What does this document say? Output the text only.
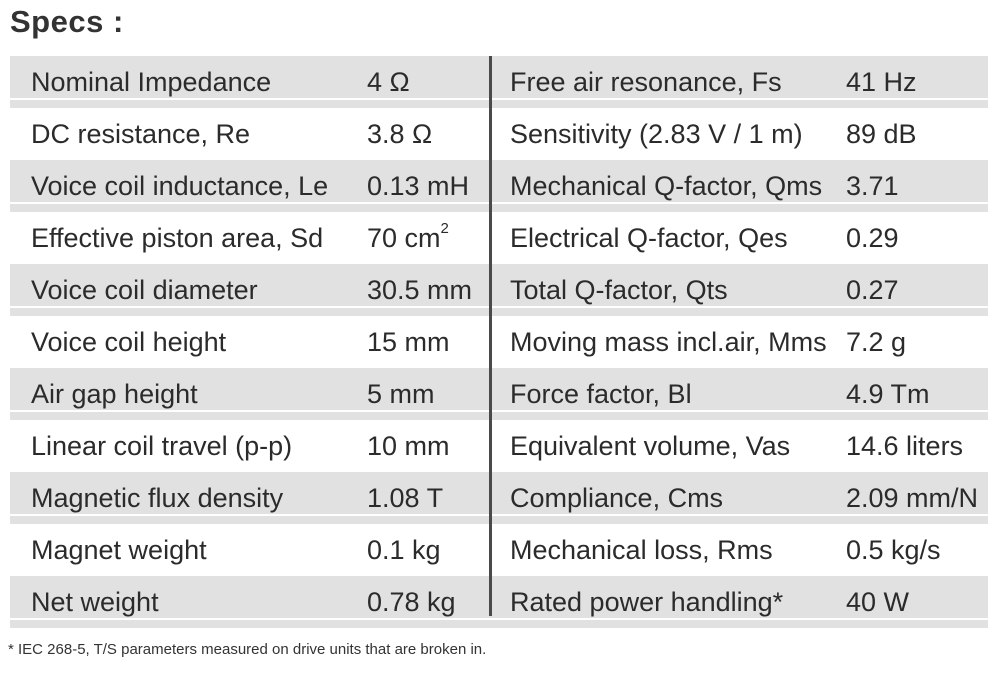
Specs :
Nominal Impedance	4 Ω	Free air resonance, Fs 41 Hz
DC resistance, Re	3.8 Ω	Sensitivity (2.83 V / 1 m) 89 dB
Voice coil inductance, Le 0.13 mH Mechanical Q-factor, Qms 3.71
Effective piston area, Sd 70 $cm^2$ Electrical Q-factor, Qes 0.29
Voice coil diameter	30.5 mm Total Q-factor, Qts	0.27
Voice coil height	15 mm Moving mass incl.air, Mms 7.2 g
Air gap height	5 mm	Force factor, Bl	4.9 Tm
Linear coil travel (p-p)	10 mm Equivalent volume, Vas 14.6 liters
Magnetic flux density	1.08 T Compliance, Cms	2.09 mm/N
Magnet weight	0.1 kg	Mechanical loss, Rms	0.5 kg/s
Net weight	0.78 kg Rated power handling* 40 W
* IEC 268-5, T/S parameters measured on drive units that are broken in.
